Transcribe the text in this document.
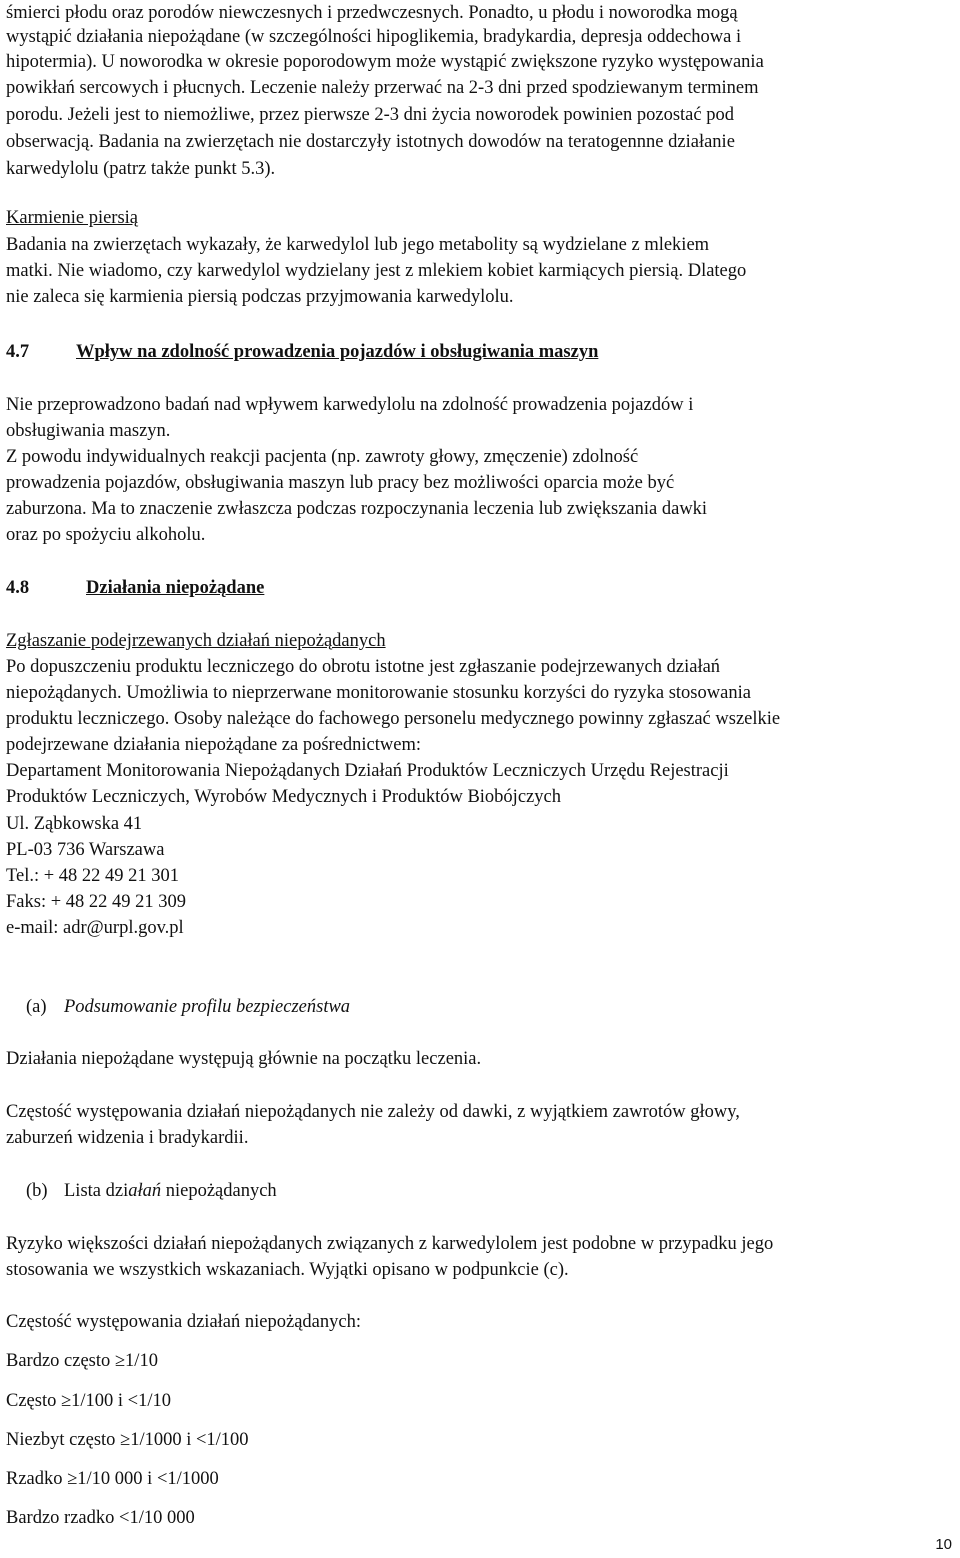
śmierci płodu oraz porodów niewczesnych i przedwczesnych. Ponadto, u płodu i noworodka mogą
wystąpić działania niepożądane (w szczególności hipoglikemia, bradykardia, depresja oddechowa i
hipotermia). U noworodka w okresie poporodowym może wystąpić zwiększone ryzyko występowania
powikłań sercowych i płucnych. Leczenie należy przerwać na 2-3 dni przed spodziewanym terminem
porodu. Jeżeli jest to niemożliwe, przez pierwsze 2-3 dni życia noworodek powinien pozostać pod
obserwacją. Badania na zwierzętach nie dostarczyły istotnych dowodów na teratogennne działanie
karwedylolu (patrz także punkt 5.3).
Karmienie piersią
Badania na zwierzętach wykazały, że karwedylol lub jego metabolity są wydzielane z mlekiem
matki. Nie wiadomo, czy karwedylol wydzielany jest z mlekiem kobiet karmiących piersią. Dlatego
nie zaleca się karmienia piersią podczas przyjmowania karwedylolu.
4.7	Wpływ na zdolność prowadzenia pojazdów i obsługiwania maszyn
Nie przeprowadzono badań nad wpływem karwedylolu na zdolność prowadzenia pojazdów i
obsługiwania maszyn.
Z powodu indywidualnych reakcji pacjenta (np. zawroty głowy, zmęczenie) zdolność
prowadzenia pojazdów, obsługiwania maszyn lub pracy bez możliwości oparcia może być
zaburzona. Ma to znaczenie zwłaszcza podczas rozpoczynania leczenia lub zwiększania dawki
oraz po spożyciu alkoholu.
4.8	Działania niepożądane
Zgłaszanie podejrzewanych działań niepożądanych
Po dopuszczeniu produktu leczniczego do obrotu istotne jest zgłaszanie podejrzewanych działań
niepożądanych. Umożliwia to nieprzerwane monitorowanie stosunku korzyści do ryzyka stosowania
produktu leczniczego. Osoby należące do fachowego personelu medycznego powinny zgłaszać wszelkie
podejrzewane działania niepożądane za pośrednictwem:
Departament Monitorowania Niepożądanych Działań Produktów Leczniczych Urzędu Rejestracji
Produktów Leczniczych, Wyrobów Medycznych i Produktów Biobójczych
Ul. Ząbkowska 41
PL-03 736 Warszawa
Tel.: + 48 22 49 21 301
Faks: + 48 22 49 21 309
e-mail: adr@urpl.gov.pl
(a) Podsumowanie profilu bezpieczeństwa
Działania niepożądane występują głównie na początku leczenia.
Częstość występowania działań niepożądanych nie zależy od dawki, z wyjątkiem zawrotów głowy,
zaburzeń widzenia i bradykardii.
(b) Lista działań niepożądanych
Ryzyko większości działań niepożądanych związanych z karwedylolem jest podobne w przypadku jego
stosowania we wszystkich wskazaniach. Wyjątki opisano w podpunkcie (c).
Częstość występowania działań niepożądanych:
Bardzo często ≥1/10
Często ≥1/100 i <1/10
Niezbyt często ≥1/1000 i <1/100
Rzadko ≥1/10 000 i <1/1000
Bardzo rzadko <1/10 000
10
